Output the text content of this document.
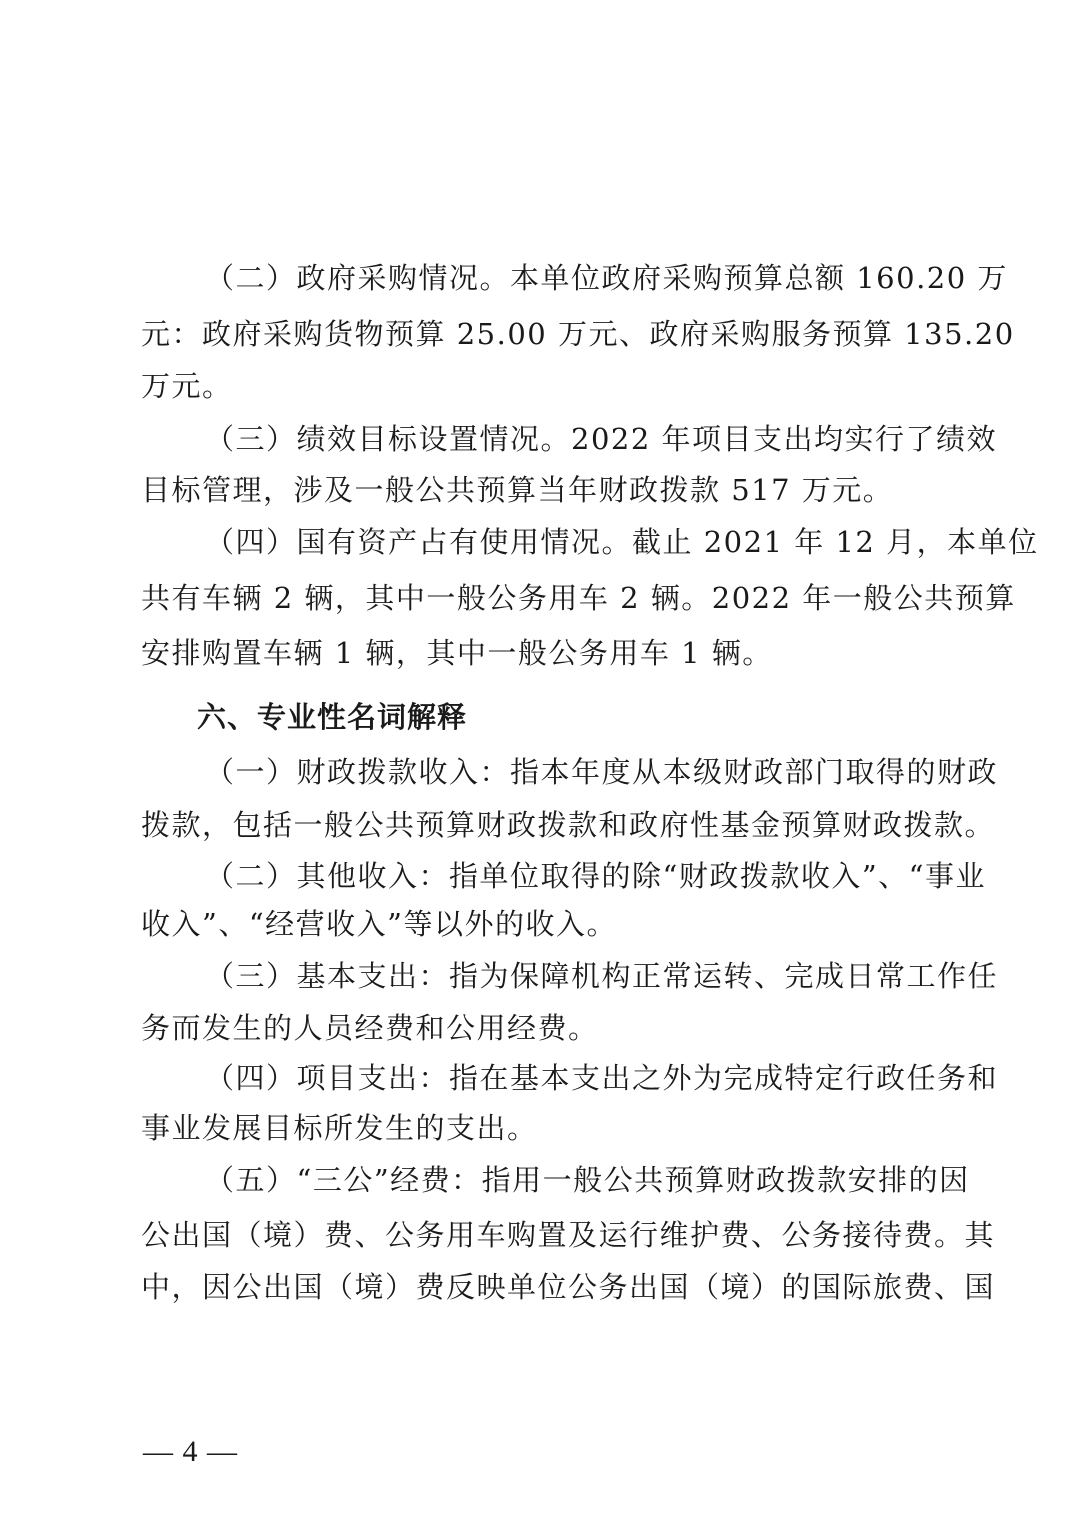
（二）政府采购情况。本单位政府采购预算总额 160.20 万
元：政府采购货物预算 25.00 万元、政府采购服务预算 135.20
万元。
（三）绩效目标设置情况。2022 年项目支出均实行了绩效
目标管理，涉及一般公共预算当年财政拨款 517 万元。
（四）国有资产占有使用情况。截止 2021 年 12 月，本单位
共有车辆 2 辆，其中一般公务用车 2 辆。2022 年一般公共预算
安排购置车辆 1 辆，其中一般公务用车 1 辆。
六、专业性名词解释
（一）财政拨款收入：指本年度从本级财政部门取得的财政
拨款，包括一般公共预算财政拨款和政府性基金预算财政拨款。
（二）其他收入：指单位取得的除“财政拨款收入”、“事业
收入”、“经营收入”等以外的收入。
（三）基本支出：指为保障机构正常运转、完成日常工作任
务而发生的人员经费和公用经费。
（四）项目支出：指在基本支出之外为完成特定行政任务和
事业发展目标所发生的支出。
（五）“三公”经费：指用一般公共预算财政拨款安排的因
公出国（境）费、公务用车购置及运行维护费、公务接待费。其
中，因公出国（境）费反映单位公务出国（境）的国际旅费、国
— 4 —
